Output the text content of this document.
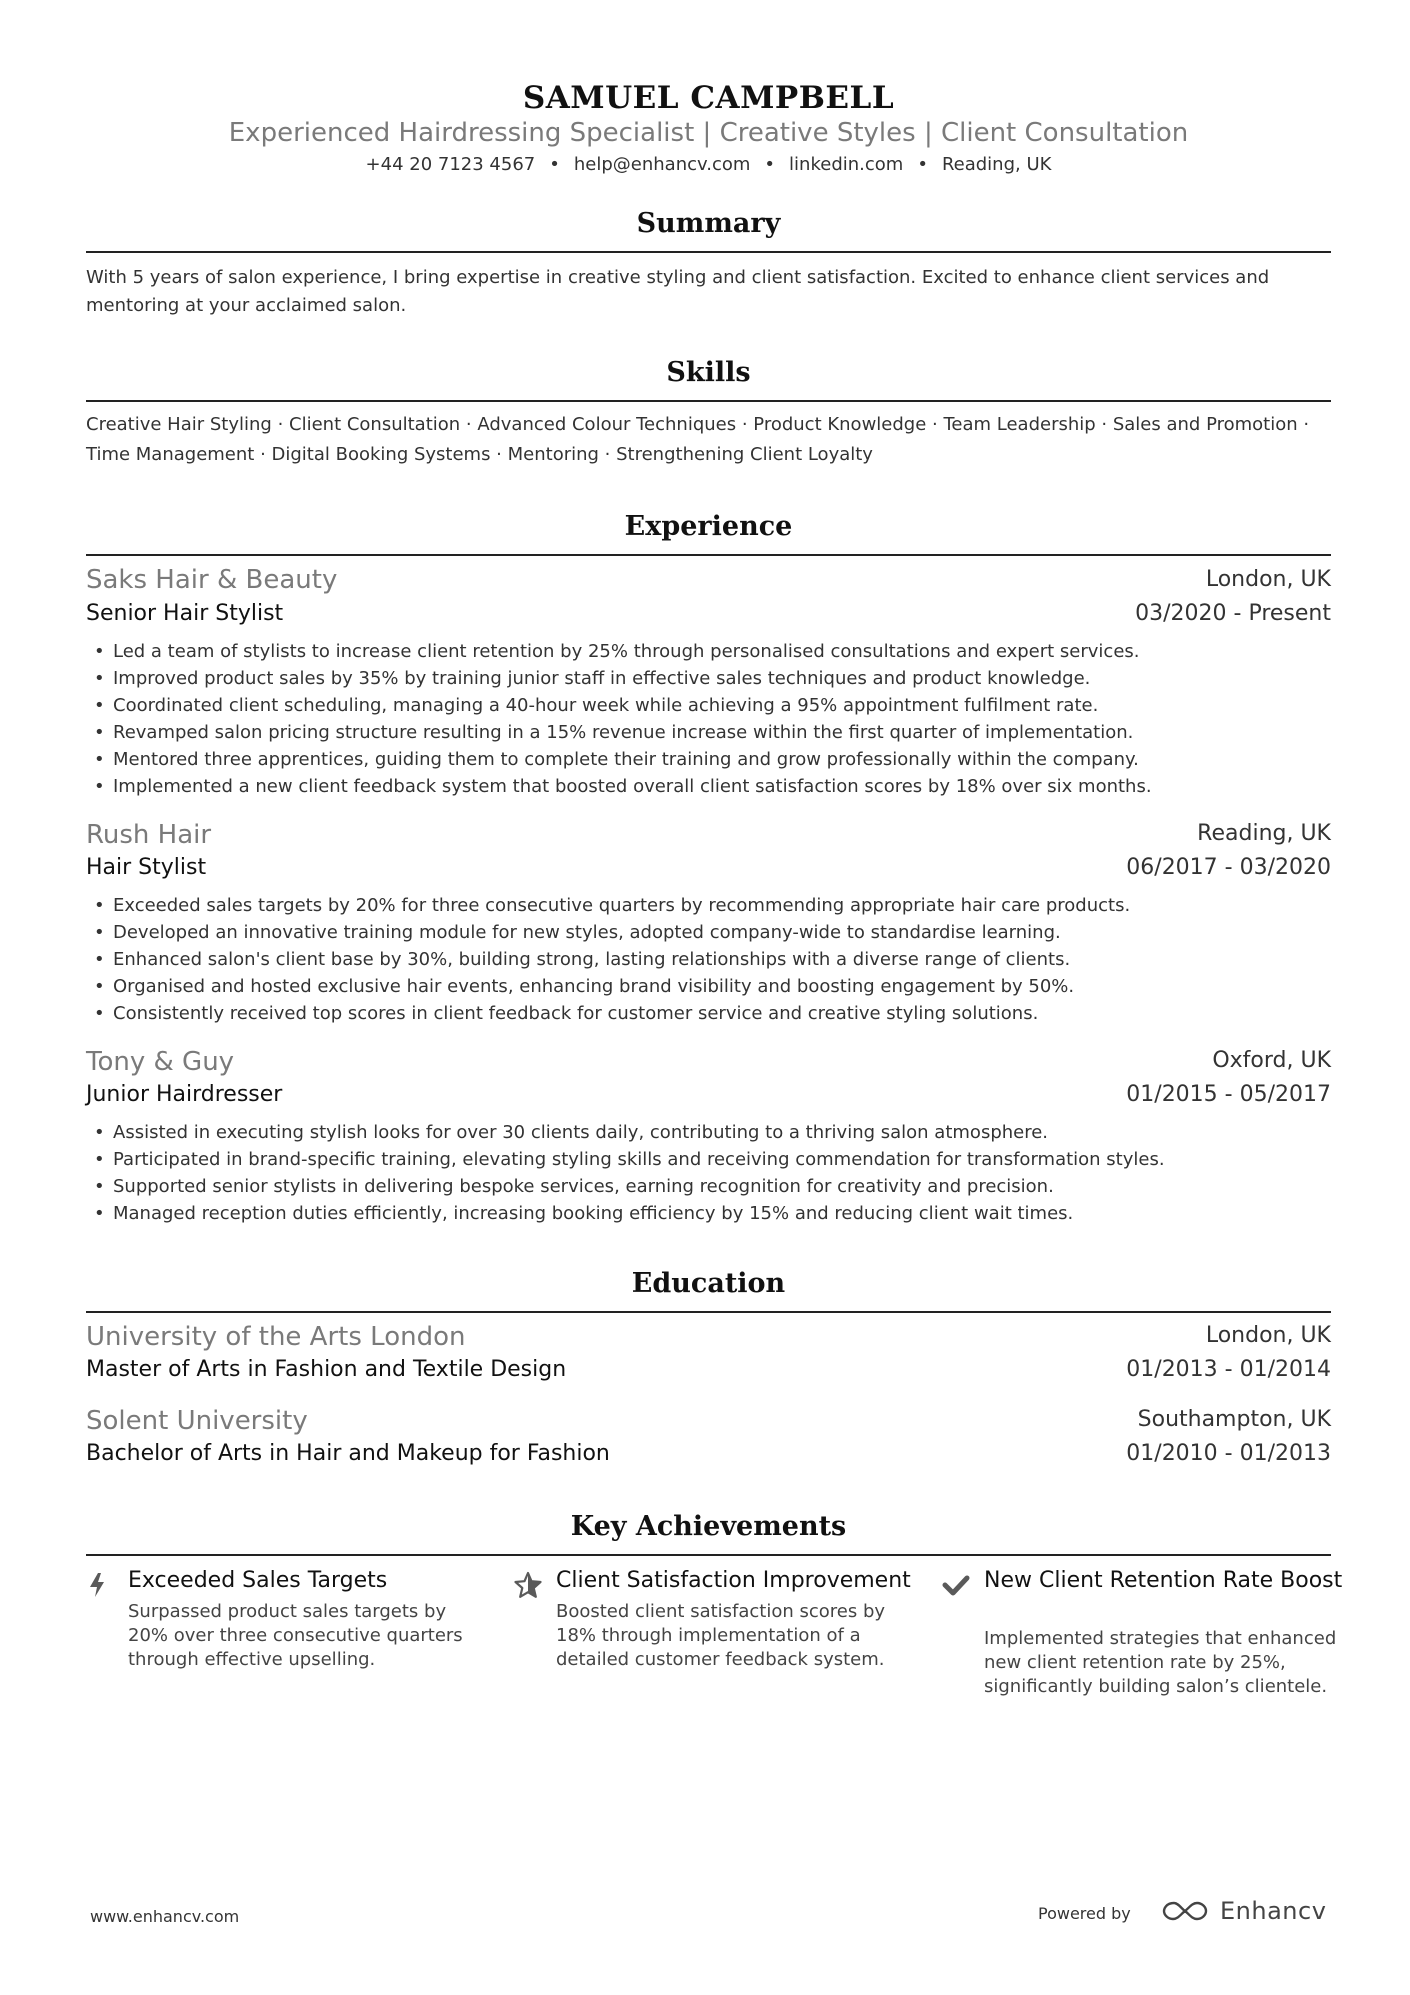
SAMUEL CAMPBELL
Experienced Hairdressing Specialist | Creative Styles | Client Consultation
+44 20 7123 4567 • help@enhancv.com • linkedin.com • Reading, UK
Summary
With 5 years of salon experience, I bring expertise in creative styling and client satisfaction. Excited to enhance client services and mentoring at your acclaimed salon.
Skills
Creative Hair Styling · Client Consultation · Advanced Colour Techniques · Product Knowledge · Team Leadership · Sales and Promotion ·
Time Management · Digital Booking Systems · Mentoring · Strengthening Client Loyalty
Experience
Saks Hair & Beauty	London, UK
Senior Hair Stylist	03/2020 - Present
• Led a team of stylists to increase client retention by 25% through personalised consultations and expert services.
• Improved product sales by 35% by training junior staff in effective sales techniques and product knowledge.
• Coordinated client scheduling, managing a 40-hour week while achieving a 95% appointment fulfilment rate.
• Revamped salon pricing structure resulting in a 15% revenue increase within the first quarter of implementation.
• Mentored three apprentices, guiding them to complete their training and grow professionally within the company.
• Implemented a new client feedback system that boosted overall client satisfaction scores by 18% over six months.
Rush Hair	Reading, UK
Hair Stylist	06/2017 - 03/2020
• Exceeded sales targets by 20% for three consecutive quarters by recommending appropriate hair care products.
• Developed an innovative training module for new styles, adopted company-wide to standardise learning.
• Enhanced salon's client base by 30%, building strong, lasting relationships with a diverse range of clients.
• Organised and hosted exclusive hair events, enhancing brand visibility and boosting engagement by 50%.
• Consistently received top scores in client feedback for customer service and creative styling solutions.
Tony & Guy	Oxford, UK
Junior Hairdresser	01/2015 - 05/2017
• Assisted in executing stylish looks for over 30 clients daily, contributing to a thriving salon atmosphere.
• Participated in brand-specific training, elevating styling skills and receiving commendation for transformation styles.
• Supported senior stylists in delivering bespoke services, earning recognition for creativity and precision.
• Managed reception duties efficiently, increasing booking efficiency by 15% and reducing client wait times.
Education
University of the Arts London	London, UK
Master of Arts in Fashion and Textile Design	01/2013 - 01/2014
Solent University	Southampton, UK
Bachelor of Arts in Hair and Makeup for Fashion	01/2010 - 01/2013
Key Achievements
Exceeded Sales Targets
Surpassed product sales targets by 20% over three consecutive quarters through effective upselling.
Client Satisfaction Improvement
Boosted client satisfaction scores by 18% through implementation of a detailed customer feedback system.
New Client Retention Rate Boost
Implemented strategies that enhanced new client retention rate by 25%, significantly building salon’s clientele.
www.enhancv.com	Powered by	Enhancv
